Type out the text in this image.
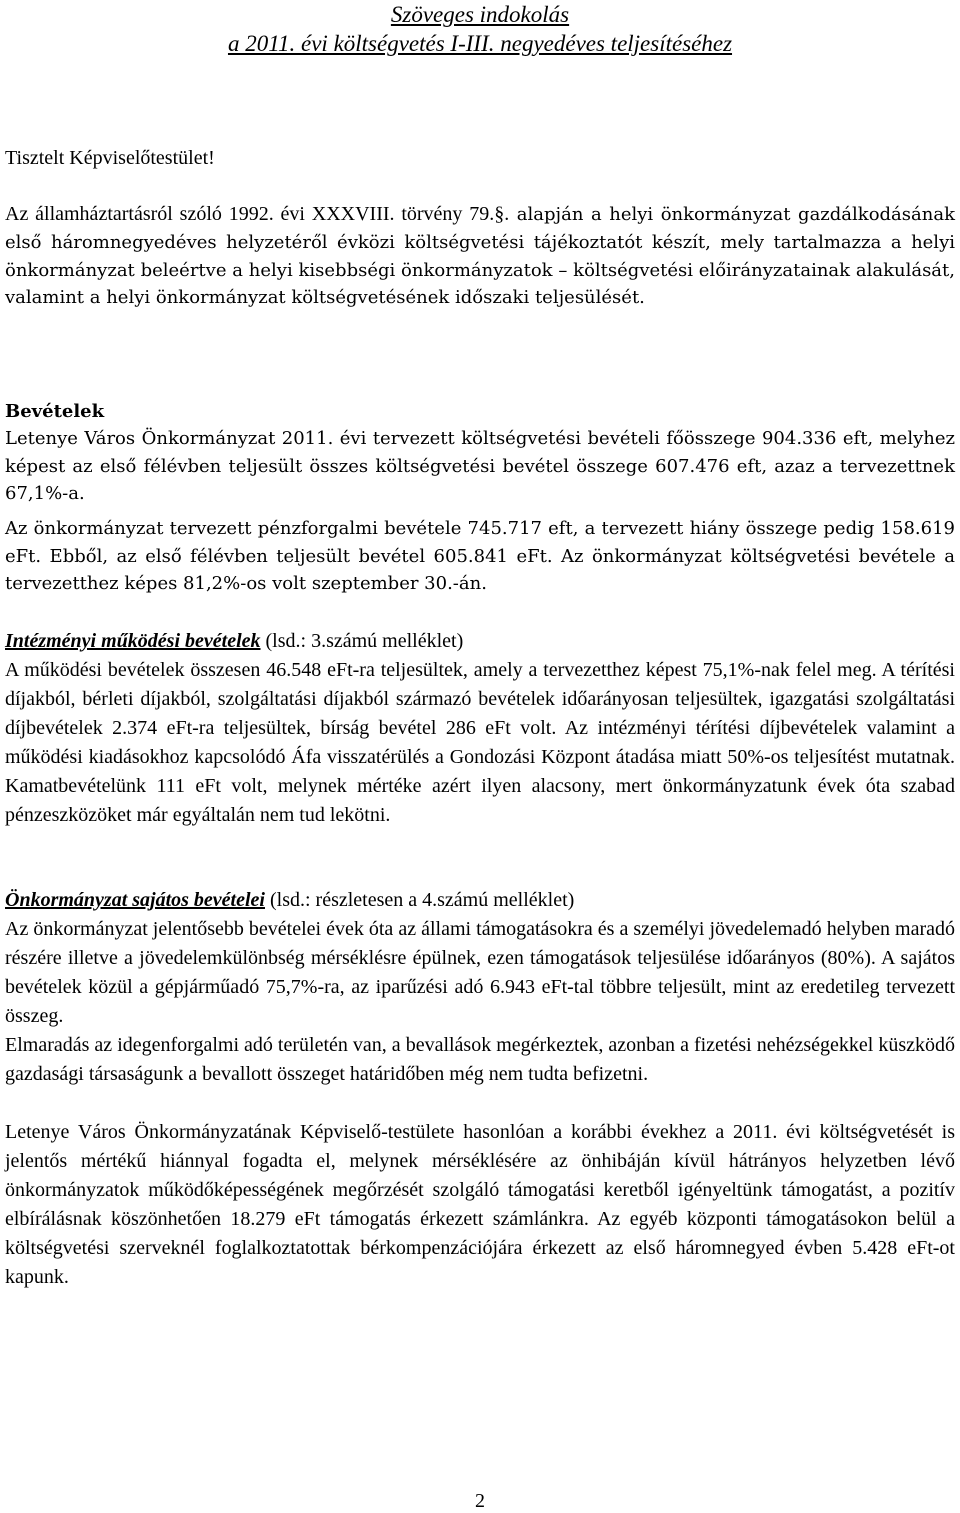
Szöveges indokolás
a 2011. évi költségvetés I-III. negyedéves teljesítéséhez

Tisztelt Képviselőtestület!

Az államháztartásról szóló 1992. évi XXXVIII. törvény 79.§. alapján a helyi önkormányzat gazdálkodásának első háromnegyedéves helyzetéről évközi költségvetési tájékoztatót készít, mely tartalmazza a helyi önkormányzat beleértve a helyi kisebbségi önkormányzatok – költségvetési előirányzatainak alakulását, valamint a helyi önkormányzat költségvetésének időszaki teljesülését.

Bevételek

Letenye Város Önkormányzat 2011. évi tervezett költségvetési bevételi főösszege 904.336 eft, melyhez képest az első félévben teljesült összes költségvetési bevétel összege 607.476 eft, azaz a tervezettnek 67,1%-a.

Az önkormányzat tervezett pénzforgalmi bevétele 745.717 eft, a tervezett hiány összege pedig 158.619 eFt. Ebből, az első félévben teljesült bevétel 605.841 eFt. Az önkormányzat költségvetési bevétele a tervezetthez képes 81,2%-os volt szeptember 30.-án.

Intézményi működési bevételek (lsd.: 3.számú melléklet)

A működési bevételek összesen 46.548 eFt-ra teljesültek, amely a tervezetthez képest 75,1%-nak felel meg. A térítési díjakból, bérleti díjakból, szolgáltatási díjakból származó bevételek időarányosan teljesültek, igazgatási szolgáltatási díjbevételek 2.374 eFt-ra teljesültek, bírság bevétel 286 eFt volt. Az intézményi térítési díjbevételek valamint a működési kiadásokhoz kapcsolódó Áfa visszatérülés a Gondozási Központ átadása miatt 50%-os teljesítést mutatnak. Kamatbevételünk 111 eFt volt, melynek mértéke azért ilyen alacsony, mert önkormányzatunk évek óta szabad pénzeszközöket már egyáltalán nem tud lekötni.

Önkormányzat sajátos bevételei (lsd.: részletesen a 4.számú melléklet)

Az önkormányzat jelentősebb bevételei évek óta az állami támogatásokra és a személyi jövedelemadó helyben maradó részére illetve a jövedelemkülönbség mérséklésre épülnek, ezen támogatások teljesülése időarányos (80%). A sajátos bevételek közül a gépjárműadó 75,7%-ra, az iparűzési adó 6.943 eFt-tal többre teljesült, mint az eredetileg tervezett összeg.

Elmaradás az idegenforgalmi adó területén van, a bevallások megérkeztek, azonban a fizetési nehézségekkel küszködő gazdasági társaságunk a bevallott összeget határidőben még nem tudta befizetni.

Letenye Város Önkormányzatának Képviselő-testülete hasonlóan a korábbi évekhez a 2011. évi költségvetését is jelentős mértékű hiánnyal fogadta el, melynek mérséklésére az önhibáján kívül hátrányos helyzetben lévő önkormányzatok működőképességének megőrzését szolgáló támogatási keretből igényeltünk támogatást, a pozitív elbírálásnak köszönhetően 18.279 eFt támogatás érkezett számlánkra. Az egyéb központi támogatásokon belül a költségvetési szerveknél foglalkoztatottak bérkompenzációjára érkezett az első háromnegyed évben 5.428 eFt-ot kapunk.

2
